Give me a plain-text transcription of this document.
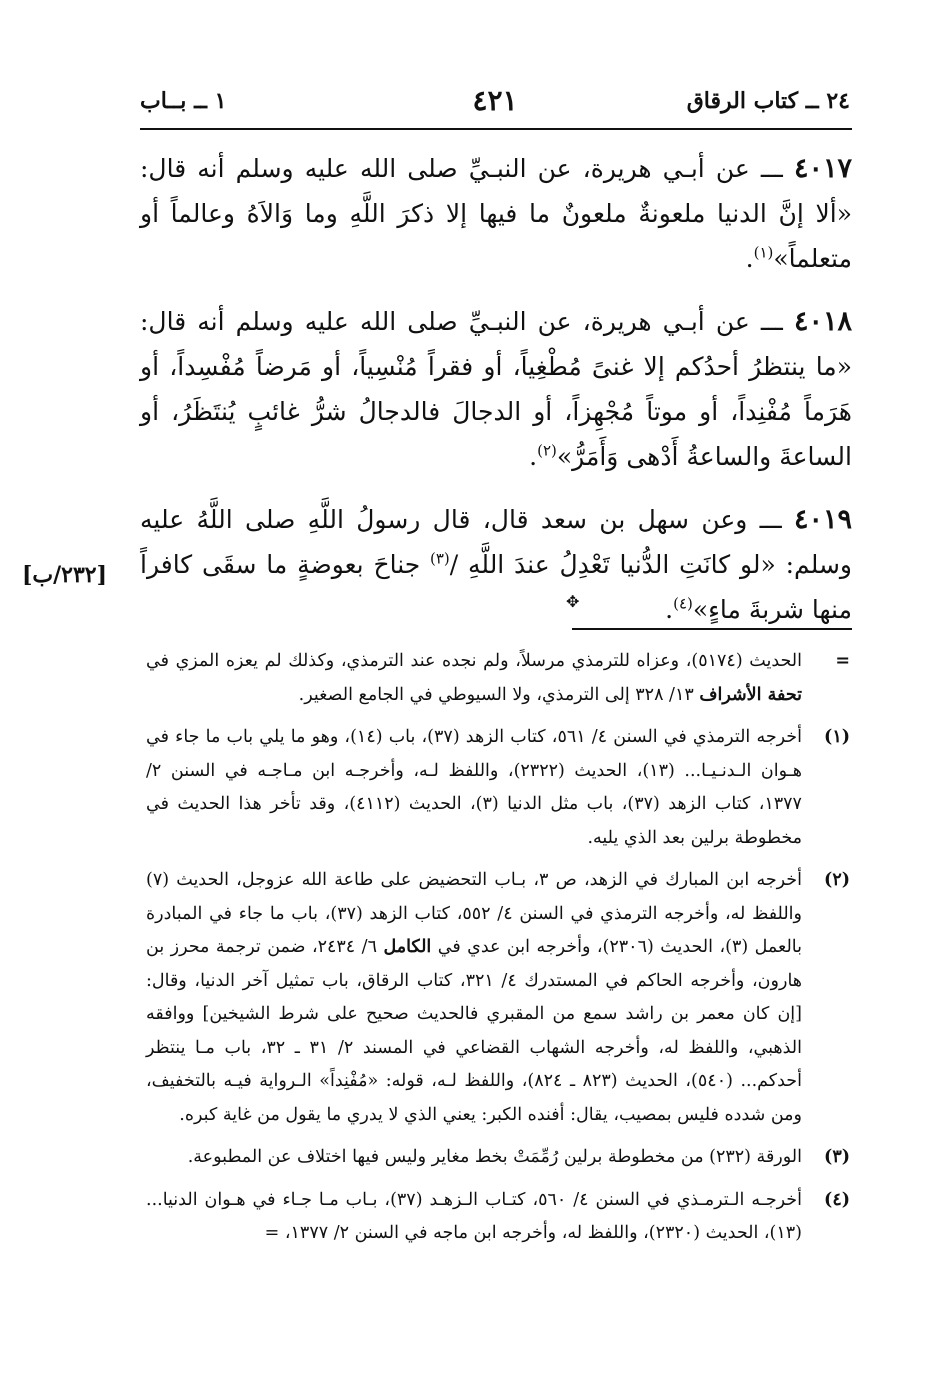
٢٤ ــ كتاب الرقاق
٤٢١
١ ــ بــاب

٤٠١٧ ـــ عن أبـي هريرة، عن النبـيِّ صلى الله عليه وسلم أنه قال: «ألا إنَّ الدنيا ملعونةٌ ملعونٌ ما فيها إلا ذكرَ اللَّهِ وما وَالاَهُ وعالماً أو متعلماً»$^{(١)}$.

٤٠١٨ ـــ عن أبـي هريرة، عن النبـيِّ صلى الله عليه وسلم أنه قال: «ما ينتظرُ أحدُكم إلا غنىً مُطْغِياً، أو فقراً مُنْسِياً، أو مَرضاً مُفْسِداً، أو هَرَماً مُفْنِداً، أو موتاً مُجْهِزاً، أو الدجالَ فالدجالُ شرُّ غائبٍ يُنتَظَرُ، أو الساعةَ والساعةُ أَدْهى وَأَمَرُّ»$^{(٢)}$.

٤٠١٩ ـــ وعن سهل بن سعد قال، قال رسولُ اللَّهِ صلى اللَّهُ عليه وسلم: «لو كانَتِ الدُّنيا تَعْدِلُ عندَ اللَّهِ /$^{(٣)}$ جناحَ بعوضةٍ ما سقَى كافراً منها شربةَ ماءٍ»$^{(٤)}$.
[٢٣٢/ب]

✥
=
الحديث (٥١٧٤)، وعزاه للترمذي مرسلاً، ولم نجده عند الترمذي، وكذلك لم يعزه المزي في تحفة الأشراف ١٣/ ٣٢٨ إلى الترمذي، ولا السيوطي في الجامع الصغير.
(١)
أخرجه الترمذي في السنن ٤/ ٥٦١، كتاب الزهد (٣٧)، باب (١٤)، وهو ما يلي باب ما جاء في هـوان الـدنـيـا... (١٣)، الحديث (٢٣٢٢)، واللفظ لـه، وأخرجـه ابن مـاجـه في السنن ٢/ ١٣٧٧، كتاب الزهد (٣٧)، باب مثل الدنيا (٣)، الحديث (٤١١٢)، وقد تأخر هذا الحديث في مخطوطة برلين بعد الذي يليه.
(٢)
أخرجه ابن المبارك في الزهد، ص ٣، بـاب التحضيض على طاعة الله عزوجل، الحديث (٧) واللفظ له، وأخرجه الترمذي في السنن ٤/ ٥٥٢، كتاب الزهد (٣٧)، باب ما جاء في المبادرة بالعمل (٣)، الحديث (٢٣٠٦)، وأخرجه ابن عدي في الكامل ٦/ ٢٤٣٤، ضمن ترجمة محرز بن هارون، وأخرجه الحاكم في المستدرك ٤/ ٣٢١، كتاب الرقاق، باب تمثيل آخر الدنيا، وقال: [إن كان معمر بن راشد سمع من المقبري فالحديث صحيح على شرط الشيخين] ووافقه الذهبي، واللفظ له، وأخرجه الشهاب القضاعي في المسند ٢/ ٣١ ـ ٣٢، باب مـا ينتظر أحدكم... (٥٤٠)، الحديث (٨٢٣ ـ ٨٢٤)، واللفظ لـه، قوله: «مُفْنِداً» الـرواية فيـه بالتخفيف، ومن شدده فليس بمصيب، يقال: أفنده الكبر: يعني الذي لا يدري ما يقول من غاية كبره.
(٣)
الورقة (٢٣٢) من مخطوطة برلين رُمِّمَتْ بخط مغاير وليس فيها اختلاف عن المطبوعة.
(٤)
أخرجـه الـترمـذي في السنن ٤/ ٥٦٠، كتـاب الـزهـد (٣٧)، بـاب مـا جـاء في هـوان الدنيا... (١٣)، الحديث (٢٣٢٠)، واللفظ له، وأخرجه ابن ماجه في السنن ٢/ ١٣٧٧، =
